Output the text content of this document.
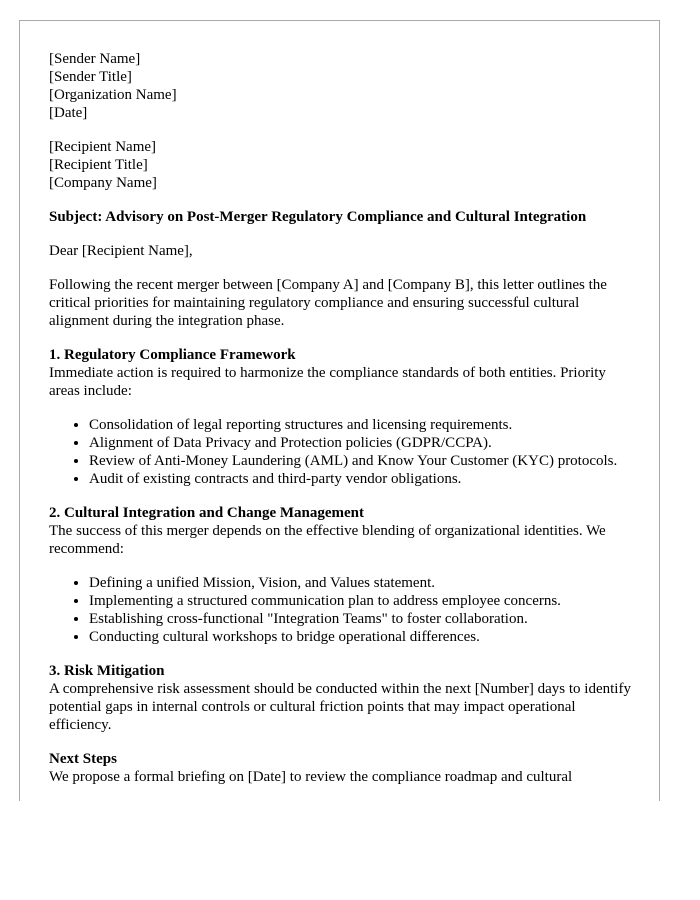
[Sender Name]
[Sender Title]
[Organization Name]
[Date]
[Recipient Name]
[Recipient Title]
[Company Name]
Subject: Advisory on Post-Merger Regulatory Compliance and Cultural Integration

Dear [Recipient Name],

Following the recent merger between [Company A] and [Company B], this letter outlines the critical priorities for maintaining regulatory compliance and ensuring successful cultural alignment during the integration phase.

1. Regulatory Compliance Framework
Immediate action is required to harmonize the compliance standards of both entities. Priority areas include:
• Consolidation of legal reporting structures and licensing requirements.
• Alignment of Data Privacy and Protection policies (GDPR/CCPA).
• Review of Anti-Money Laundering (AML) and Know Your Customer (KYC) protocols.
• Audit of existing contracts and third-party vendor obligations.
2. Cultural Integration and Change Management
The success of this merger depends on the effective blending of organizational identities. We recommend:
• Defining a unified Mission, Vision, and Values statement.
• Implementing a structured communication plan to address employee concerns.
• Establishing cross-functional "Integration Teams" to foster collaboration.
• Conducting cultural workshops to bridge operational differences.

3. Risk Mitigation
A comprehensive risk assessment should be conducted within the next [Number] days to identify potential gaps in internal controls or cultural friction points that may impact operational efficiency.

Next Steps
We propose a formal briefing on [Date] to review the compliance roadmap and cultural
